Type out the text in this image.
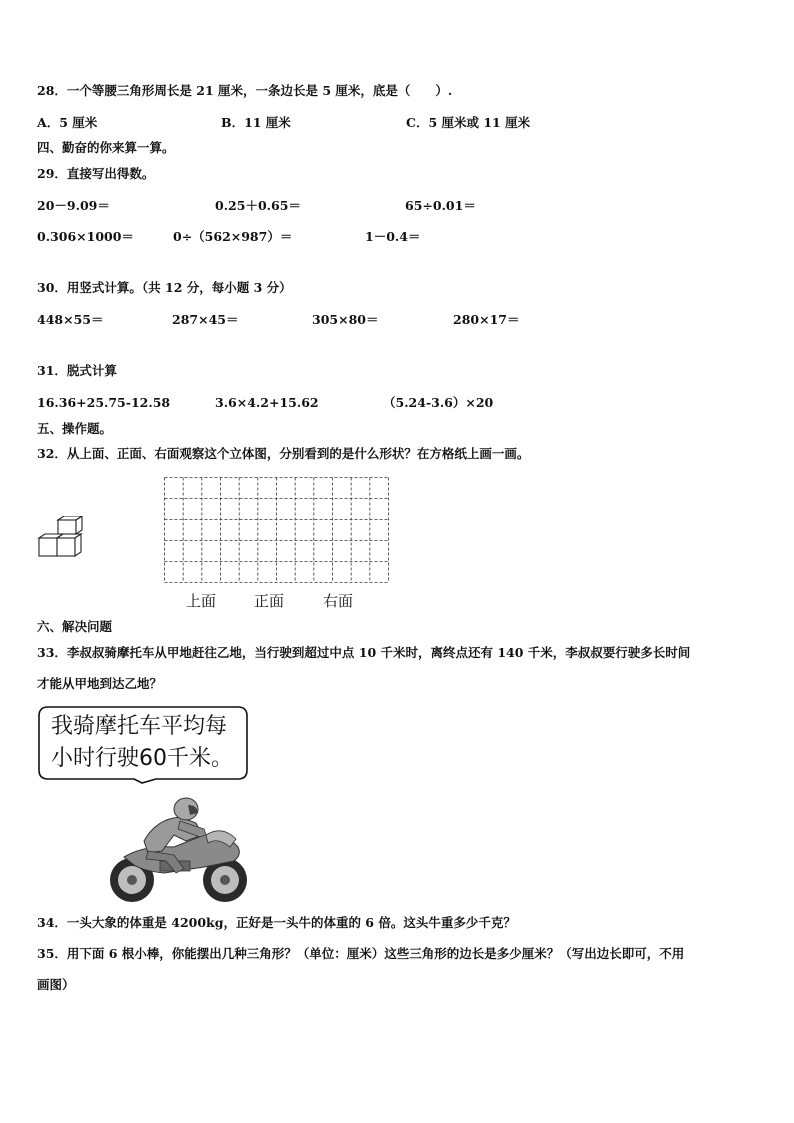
28．一个等腰三角形周长是 21 厘米，一条边长是 5 厘米，底是（　　）.
A．5 厘米	B．11 厘米	C．5 厘米或 11 厘米
四、勤奋的你来算一算。
29．直接写出得数。
20－9.09＝	0.25＋0.65＝	65÷0.01＝
0.306×1000＝	0÷（562×987）＝	1－0.4＝
30．用竖式计算。（共 12 分，每小题 3 分）
448×55＝	287×45＝	305×80＝	280×17＝
31．脱式计算
16.36+25.75-12.58	3.6×4.2+15.62	（5.24-3.6）×20
五、操作题。
32．从上面、正面、右面观察这个立体图，分别看到的是什么形状？在方格纸上画一画。
上面	正面	右面
六、解决问题
33．李叔叔骑摩托车从甲地赶往乙地，当行驶到超过中点 10 千米时，离终点还有 140 千米，李叔叔要行驶多长时间
才能从甲地到达乙地？
我骑摩托车平均每
小时行驶60千米。
34．一头大象的体重是 4200kg，正好是一头牛的体重的 6 倍。这头牛重多少千克？
35．用下面 6 根小棒，你能摆出几种三角形？（单位：厘米）这些三角形的边长是多少厘米？（写出边长即可，不用
画图）
